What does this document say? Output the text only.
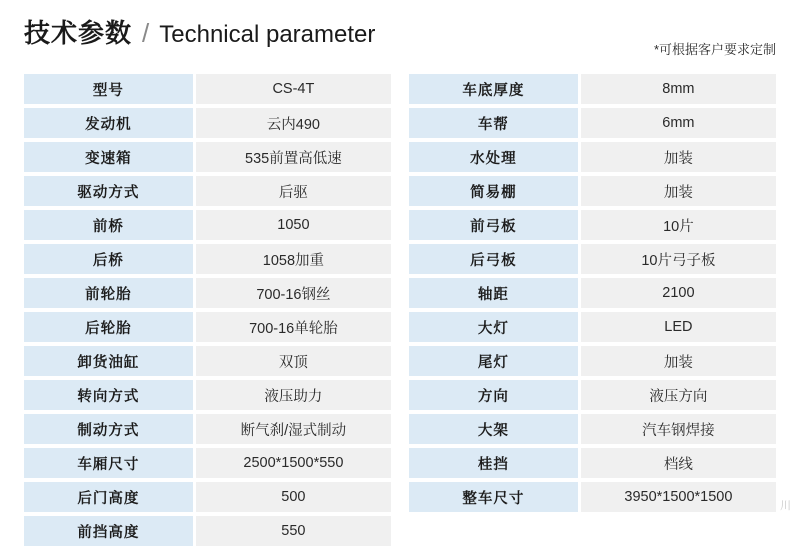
技术参数 / Technical parameter
*可根据客户要求定制
型号	CS-4T
发动机	云内490
变速箱	535前置高低速
驱动方式	后驱
前桥	1050
后桥	1058加重
前轮胎	700-16钢丝
后轮胎	700-16单轮胎
卸货油缸	双顶
转向方式	液压助力
制动方式	断气刹/湿式制动
车厢尺寸	2500*1500*550
后门高度	500
前挡高度	550
车底厚度	8mm
车帮	6mm
水处理	加装
简易棚	加装
前弓板	10片
后弓板	10片弓子板
轴距	2100
大灯	LED
尾灯	加装
方向	液压方向
大架	汽车钢焊接
桂挡	档线
整车尺寸	3950*1500*1500

川
